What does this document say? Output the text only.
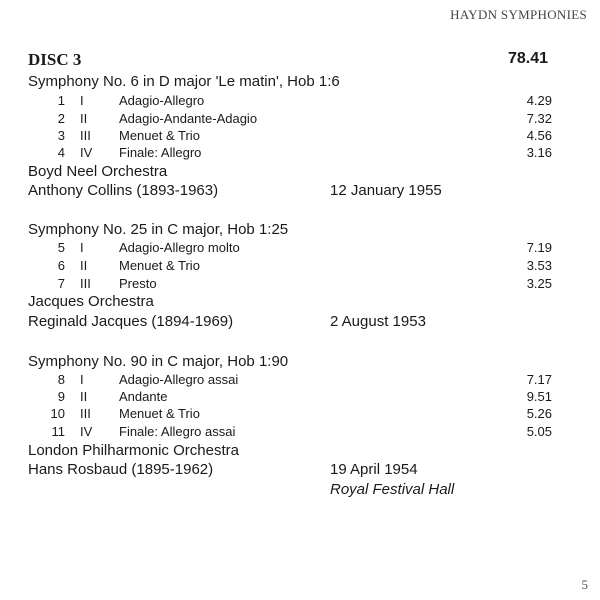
HAYDN SYMPHONIES
DISC 3	78.41
Symphony No. 6 in D major 'Le matin', Hob 1:6
1 I	Adagio-Allegro	4.29
2 II Adagio-Andante-Adagio	7.32
3 III Menuet & Trio	4.56
4 IV Finale: Allegro	3.16
Boyd Neel Orchestra
Anthony Collins (1893-1963)	12 January 1955
Symphony No. 25 in C major, Hob 1:25
5 I	Adagio-Allegro molto	7.19
6 II Menuet & Trio	3.53
7 III Presto	3.25
Jacques Orchestra
Reginald Jacques (1894-1969)	2 August 1953
Symphony No. 90 in C major, Hob 1:90
8 I	Adagio-Allegro assai	7.17
9 II Andante	9.51
10 III Menuet & Trio	5.26
11 IV Finale: Allegro assai	5.05
London Philharmonic Orchestra
Hans Rosbaud (1895-1962)	19 April 1954
Royal Festival Hall
5
